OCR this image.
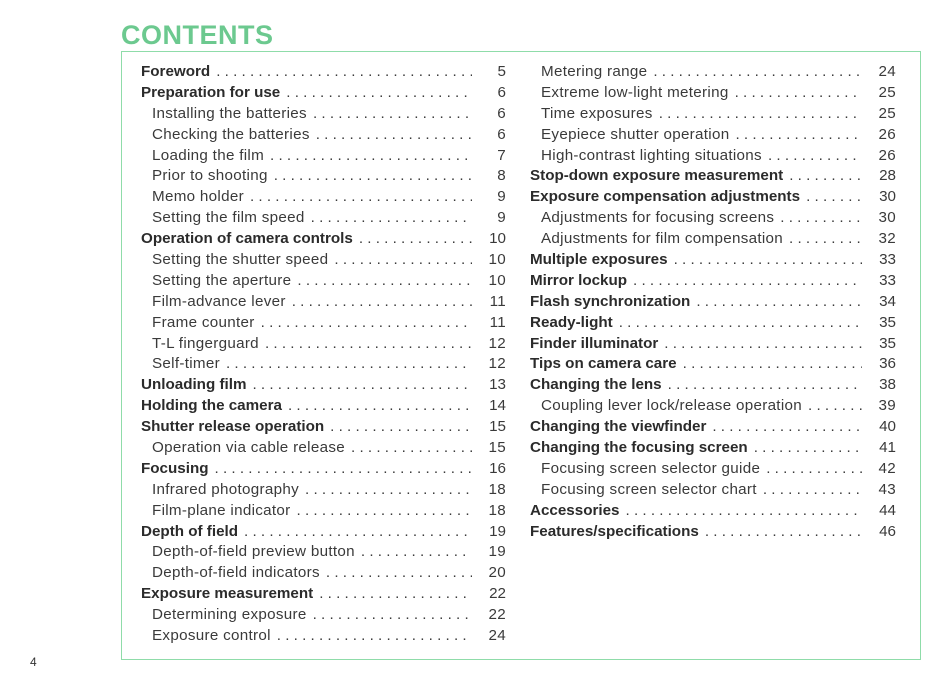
CONTENTS
Foreword . . .	5
Preparation for use . . .	6
Installing the batteries . . .	6
Checking the batteries . . .	6
Loading the film . . .	7
Prior to shooting . . .	8
Memo holder . . .	9
Setting the film speed . . .	9
Operation of camera controls . . .	10
Setting the shutter speed . . .	10
Setting the aperture . . .	10
Film-advance lever . . .	11
Frame counter . . .	11
T-L fingerguard . . .	12
Self-timer . . .	12
Unloading film . . .	13
Holding the camera . . .	14
Shutter release operation . . .	15
Operation via cable release . . .	15
Focusing . . .	16
Infrared photography . . .	18
Film-plane indicator . . .	18
Depth of field . . .	19
Depth-of-field preview button . . .	19
Depth-of-field indicators . . .	20
Exposure measurement . . .	22
Determining exposure . . .	22
Exposure control . . .	24
Metering range . . .	24
Extreme low-light metering . . .	25
Time exposures . . .	25
Eyepiece shutter operation . . .	26
High-contrast lighting situations . . .	26
Stop-down exposure measurement . . .	28
Exposure compensation adjustments . . .	30
Adjustments for focusing screens . . .	30
Adjustments for film compensation . . .	32
Multiple exposures . . .	33
Mirror lockup . . .	33
Flash synchronization . . .	34
Ready-light . . .	35
Finder illuminator . . .	35
Tips on camera care . . .	36
Changing the lens . . .	38
Coupling lever lock/release operation . . .	39
Changing the viewfinder . . .	40
Changing the focusing screen . . .	41
Focusing screen selector guide . . .	42
Focusing screen selector chart . . .	43
Accessories . . .	44
Features/specifications . . .	46
4
